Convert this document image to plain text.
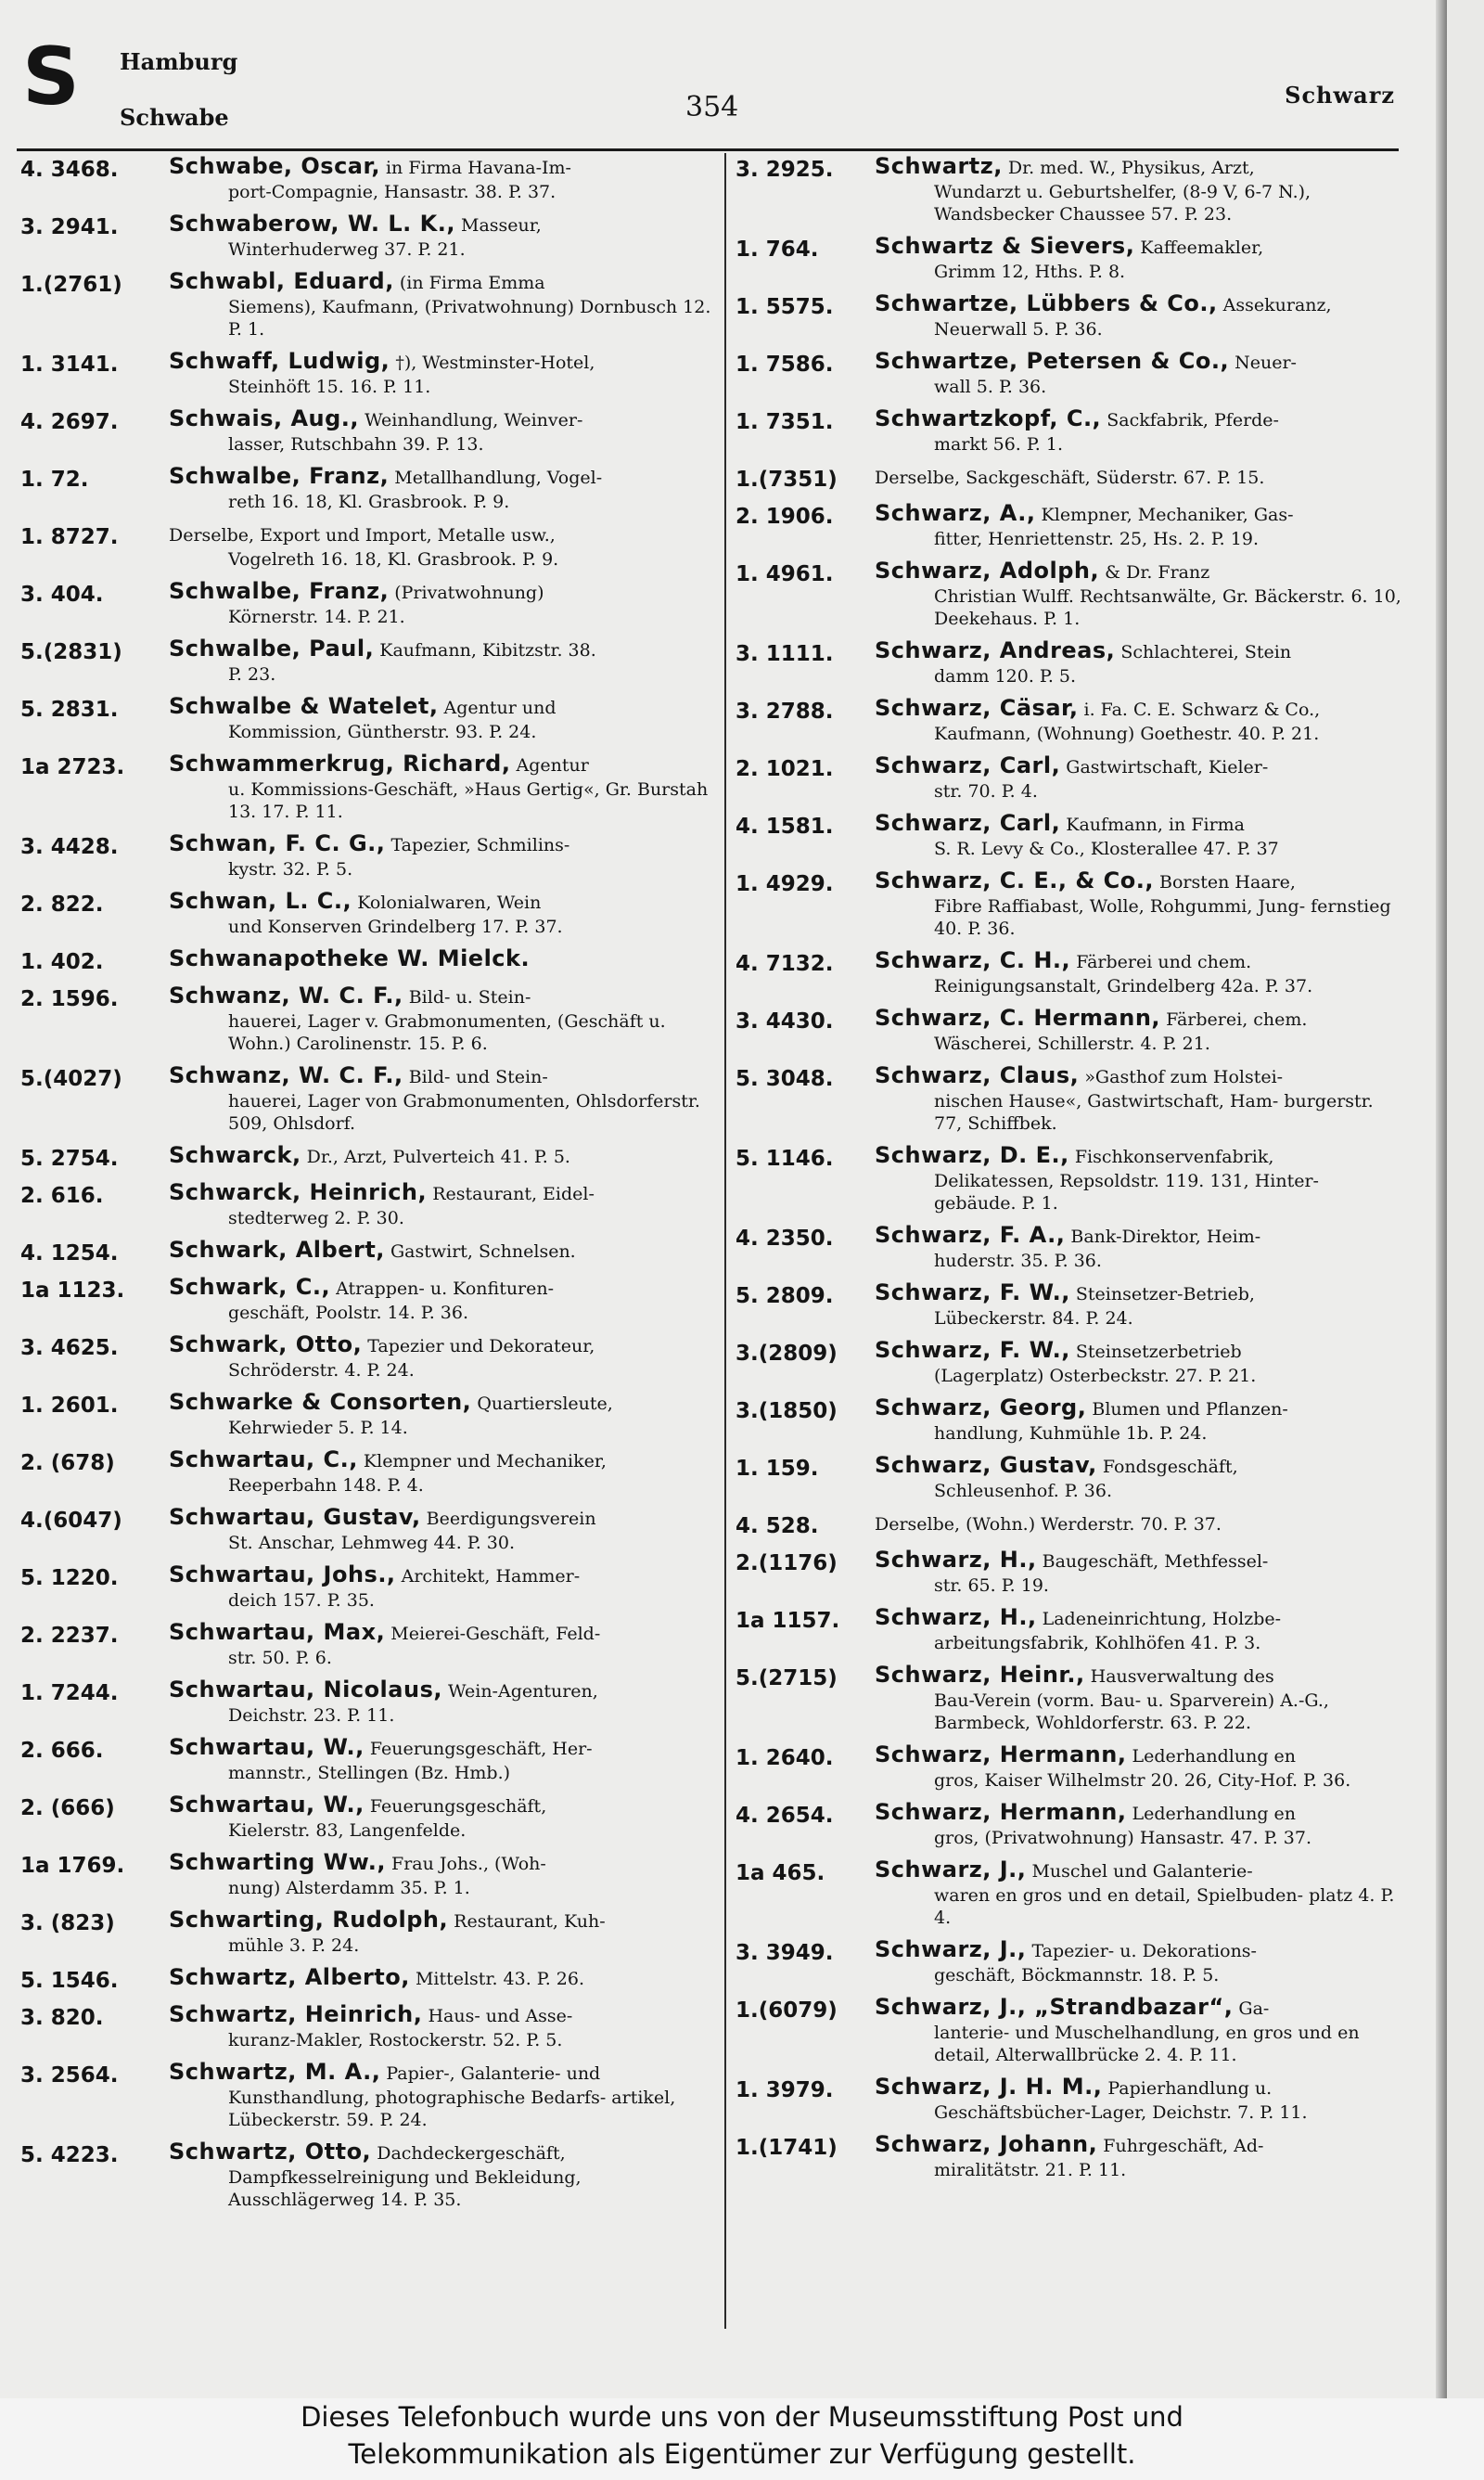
S Hamburg
Schwabe	354	Schwarz
4. 3468.	Schwabe, Oscar, in Firma Havana-Im-
port-Compagnie, Hansastr. 38. P. 37.
3. 2941.	Schwaberow, W. L. K., Masseur,
Winterhuderweg 37. P. 21.
1.(2761)	Schwabl, Eduard, (in Firma Emma
Siemens), Kaufmann, (Privatwohnung) Dornbusch 12. P. 1.
1. 3141.	Schwaff, Ludwig, †), Westminster-Hotel,
Steinhöft 15. 16. P. 11.
4. 2697.	Schwais, Aug., Weinhandlung, Weinver-
lasser, Rutschbahn 39. P. 13.
1. 72.	Schwalbe, Franz, Metallhandlung, Vogel-
reth 16. 18, Kl. Grasbrook. P. 9.
1. 8727.	Derselbe, Export und Import, Metalle usw.,
Vogelreth 16. 18, Kl. Grasbrook. P. 9.
3. 404.	Schwalbe, Franz, (Privatwohnung)
Körnerstr. 14. P. 21.
5.(2831)	Schwalbe, Paul, Kaufmann, Kibitzstr. 38.
P. 23.
5. 2831.	Schwalbe & Watelet, Agentur und
Kommission, Güntherstr. 93. P. 24.
1a 2723.	Schwammerkrug, Richard, Agentur
u. Kommissions-Geschäft, »Haus Gertig«, Gr. Burstah 13. 17. P. 11.
3. 4428.	Schwan, F. C. G., Tapezier, Schmilins-
kystr. 32. P. 5.
2. 822.	Schwan, L. C., Kolonialwaren, Wein
und Konserven Grindelberg 17. P. 37.
1. 402.	Schwanapotheke W. Mielck.
2. 1596.	Schwanz, W. C. F., Bild- u. Stein-
hauerei, Lager v. Grabmonumenten, (Geschäft u. Wohn.) Carolinenstr. 15. P. 6.
5.(4027)	Schwanz, W. C. F., Bild- und Stein-
hauerei, Lager von Grabmonumenten, Ohlsdorferstr. 509, Ohlsdorf.
5. 2754.	Schwarck, Dr., Arzt, Pulverteich 41. P. 5.
2. 616.	Schwarck, Heinrich, Restaurant, Eidel-
stedterweg 2. P. 30.
4. 1254.	Schwark, Albert, Gastwirt, Schnelsen.
1a 1123.	Schwark, C., Atrappen- u. Konfituren-
geschäft, Poolstr. 14. P. 36.
3. 4625.	Schwark, Otto, Tapezier und Dekorateur,
Schröderstr. 4. P. 24.
1. 2601.	Schwarke & Consorten, Quartiersleute,
Kehrwieder 5. P. 14.
2. (678)	Schwartau, C., Klempner und Mechaniker,
Reeperbahn 148. P. 4.
4.(6047)	Schwartau, Gustav, Beerdigungsverein
St. Anschar, Lehmweg 44. P. 30.
5. 1220.	Schwartau, Johs., Architekt, Hammer-
deich 157. P. 35.
2. 2237.	Schwartau, Max, Meierei-Geschäft, Feld-
str. 50. P. 6.
1. 7244.	Schwartau, Nicolaus, Wein-Agenturen,
Deichstr. 23. P. 11.
2. 666.	Schwartau, W., Feuerungsgeschäft, Her-
mannstr., Stellingen (Bz. Hmb.)
2. (666)	Schwartau, W., Feuerungsgeschäft,
Kielerstr. 83, Langenfelde.
1a 1769.	Schwarting Ww., Frau Johs., (Woh-
nung) Alsterdamm 35. P. 1.
3. (823)	Schwarting, Rudolph, Restaurant, Kuh-
mühle 3. P. 24.
5. 1546.	Schwartz, Alberto, Mittelstr. 43. P. 26.
3. 820.	Schwartz, Heinrich, Haus- und Asse-
kuranz-Makler, Rostockerstr. 52. P. 5.
3. 2564.	Schwartz, M. A., Papier-, Galanterie- und
Kunsthandlung, photographische Bedarfs- artikel, Lübeckerstr. 59. P. 24.
5. 4223.	Schwartz, Otto, Dachdeckergeschäft,
Dampfkesselreinigung und Bekleidung, Ausschlägerweg 14. P. 35.
3. 2925.	Schwartz, Dr. med. W., Physikus, Arzt,
Wundarzt u. Geburtshelfer, (8-9 V, 6-7 N.), Wandsbecker Chaussee 57. P. 23.
1. 764.	Schwartz & Sievers, Kaffeemakler,
Grimm 12, Hths. P. 8.
1. 5575.	Schwartze, Lübbers & Co., Assekuranz,
Neuerwall 5. P. 36.
1. 7586.	Schwartze, Petersen & Co., Neuer-
wall 5. P. 36.
1. 7351.	Schwartzkopf, C., Sackfabrik, Pferde-
markt 56. P. 1.
1.(7351)	Derselbe, Sackgeschäft, Süderstr. 67. P. 15.
2. 1906.	Schwarz, A., Klempner, Mechaniker, Gas-
fitter, Henriettenstr. 25, Hs. 2. P. 19.
1. 4961.	Schwarz, Adolph, & Dr. Franz
Christian Wulff. Rechtsanwälte, Gr. Bäckerstr. 6. 10, Deekehaus. P. 1.
3. 1111.	Schwarz, Andreas, Schlachterei, Stein
damm 120. P. 5.
3. 2788.	Schwarz, Cäsar, i. Fa. C. E. Schwarz & Co.,
Kaufmann, (Wohnung) Goethestr. 40. P. 21.
2. 1021.	Schwarz, Carl, Gastwirtschaft, Kieler-
str. 70. P. 4.
4. 1581.	Schwarz, Carl, Kaufmann, in Firma
S. R. Levy & Co., Klosterallee 47. P. 37
1. 4929.	Schwarz, C. E., & Co., Borsten Haare,
Fibre Raffiabast, Wolle, Rohgummi, Jung- fernstieg 40. P. 36.
4. 7132.	Schwarz, C. H., Färberei und chem.
Reinigungsanstalt, Grindelberg 42a. P. 37.
3. 4430.	Schwarz, C. Hermann, Färberei, chem.
Wäscherei, Schillerstr. 4. P. 21.
5. 3048.	Schwarz, Claus, »Gasthof zum Holstei-
nischen Hause«, Gastwirtschaft, Ham- burgerstr. 77, Schiffbek.
5. 1146.	Schwarz, D. E., Fischkonservenfabrik,
Delikatessen, Repsoldstr. 119. 131, Hinter- gebäude. P. 1.
4. 2350.	Schwarz, F. A., Bank-Direktor, Heim-
huderstr. 35. P. 36.
5. 2809.	Schwarz, F. W., Steinsetzer-Betrieb,
Lübeckerstr. 84. P. 24.
3.(2809)	Schwarz, F. W., Steinsetzerbetrieb
(Lagerplatz) Osterbeckstr. 27. P. 21.
3.(1850)	Schwarz, Georg, Blumen und Pflanzen-
handlung, Kuhmühle 1b. P. 24.
1. 159.	Schwarz, Gustav, Fondsgeschäft,
Schleusenhof. P. 36.
4. 528.	Derselbe, (Wohn.) Werderstr. 70. P. 37.
2.(1176)	Schwarz, H., Baugeschäft, Methfessel-
str. 65. P. 19.
1a 1157.	Schwarz, H., Ladeneinrichtung, Holzbe-
arbeitungsfabrik, Kohlhöfen 41. P. 3.
5.(2715)	Schwarz, Heinr., Hausverwaltung des
Bau-Verein (vorm. Bau- u. Sparverein) A.-G., Barmbeck, Wohldorferstr. 63. P. 22.
1. 2640.	Schwarz, Hermann, Lederhandlung en
gros, Kaiser Wilhelmstr 20. 26, City-Hof. P. 36.
4. 2654.	Schwarz, Hermann, Lederhandlung en
gros, (Privatwohnung) Hansastr. 47. P. 37.
1a 465.	Schwarz, J., Muschel und Galanterie-
waren en gros und en detail, Spielbuden- platz 4. P. 4.
3. 3949.	Schwarz, J., Tapezier- u. Dekorations-
geschäft, Böckmannstr. 18. P. 5.
1.(6079)	Schwarz, J., „Strandbazar“, Ga-
lanterie- und Muschelhandlung, en gros und en detail, Alterwallbrücke 2. 4. P. 11.
1. 3979.	Schwarz, J. H. M., Papierhandlung u.
Geschäftsbücher-Lager, Deichstr. 7. P. 11.
1.(1741)	Schwarz, Johann, Fuhrgeschäft, Ad-
miralitätstr. 21. P. 11.
Dieses Telefonbuch wurde uns von der Museumsstiftung Post und
Telekommunikation als Eigentümer zur Verfügung gestellt.
